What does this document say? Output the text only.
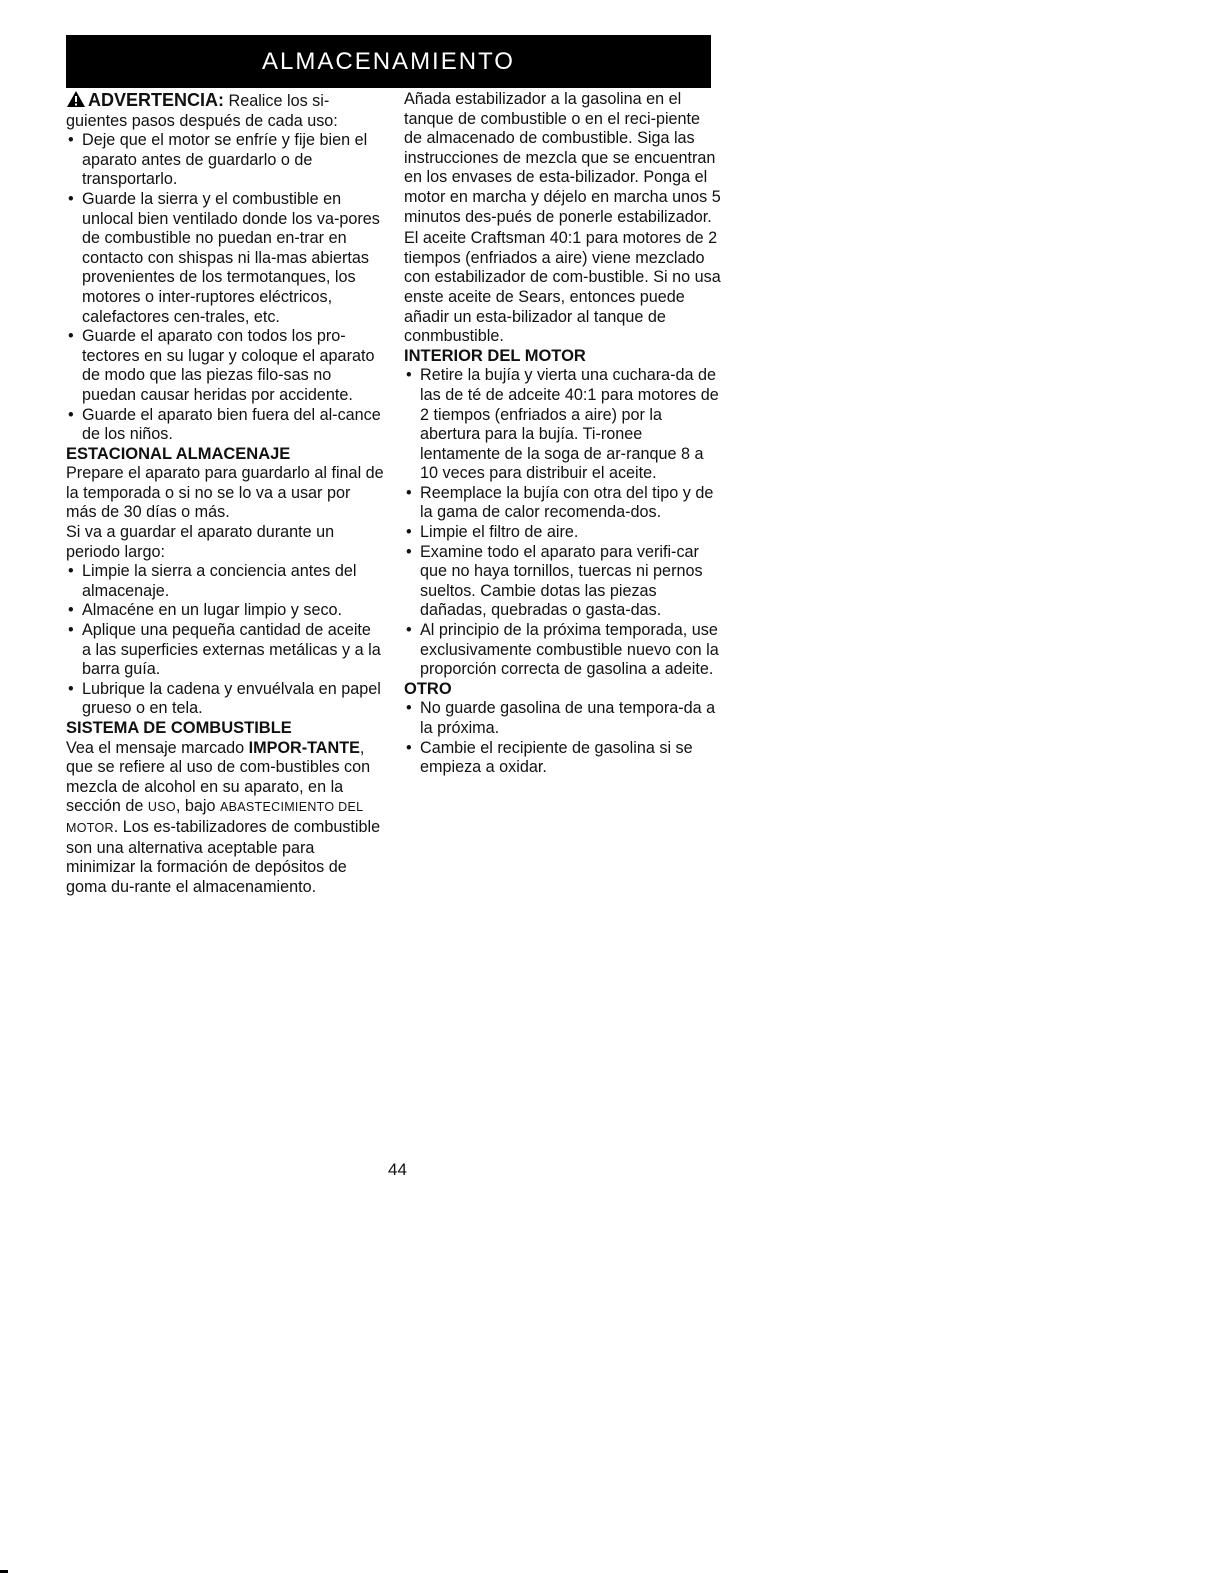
ALMACENAMIENTO

ADVERTENCIA: Realice los si-guientes pasos después de cada uso:

• Deje que el motor se enfríe y fije bien el aparato antes de guardarlo o de transportarlo.
• Guarde la sierra y el combustible en unlocal bien ventilado donde los va-pores de combustible no puedan en-trar en contacto con shispas ni lla-mas abiertas provenientes de los termotanques, los motores o inter-ruptores eléctricos, calefactores cen-trales, etc.
• Guarde el aparato con todos los pro-tectores en su lugar y coloque el aparato de modo que las piezas filo-sas no puedan causar heridas por accidente.
• Guarde el aparato bien fuera del al-cance de los niños.

ESTACIONAL ALMACENAJE

Prepare el aparato para guardarlo al final de la temporada o si no se lo va a usar por más de 30 días o más.

Si va a guardar el aparato durante un periodo largo:

• Limpie la sierra a conciencia antes del almacenaje.
• Almacéne en un lugar limpio y seco.
• Aplique una pequeña cantidad de aceite a las superficies externas metálicas y a la barra guía.
• Lubrique la cadena y envuélvala en papel grueso o en tela.

SISTEMA DE COMBUSTIBLE

Vea el mensaje marcado IMPOR-TANTE, que se refiere al uso de com-bustibles con mezcla de alcohol en su aparato, en la sección de USO, bajo ABASTECIMIENTO DEL MOTOR. Los es-tabilizadores de combustible son una alternativa aceptable para minimizar la formación de depósitos de goma du-rante el almacenamiento.

Añada estabilizador a la gasolina en el tanque de combustible o en el reci-piente de almacenado de combustible. Siga las instrucciones de mezcla que se encuentran en los envases de esta-bilizador. Ponga el motor en marcha y déjelo en marcha unos 5 minutos des-pués de ponerle estabilizador.

El aceite Craftsman 40:1 para motores de 2 tiempos (enfriados a aire) viene mezclado con estabilizador de com-bustible. Si no usa enste aceite de Sears, entonces puede añadir un esta-bilizador al tanque de conmbustible.

INTERIOR DEL MOTOR

• Retire la bujía y vierta una cuchara-da de las de té de adceite 40:1 para motores de 2 tiempos (enfriados a aire) por la abertura para la bujía. Ti-ronee lentamente de la soga de ar-ranque 8 a 10 veces para distribuir el aceite.
• Reemplace la bujía con otra del tipo y de la gama de calor recomenda-dos.
• Limpie el filtro de aire.
• Examine todo el aparato para verifi-car que no haya tornillos, tuercas ni pernos sueltos. Cambie dotas las piezas dañadas, quebradas o gasta-das.
• Al principio de la próxima temporada, use exclusivamente combustible nuevo con la proporción correcta de gasolina a adeite.

OTRO

• No guarde gasolina de una tempora-da a la próxima.
• Cambie el recipiente de gasolina si se empieza a oxidar.
44
